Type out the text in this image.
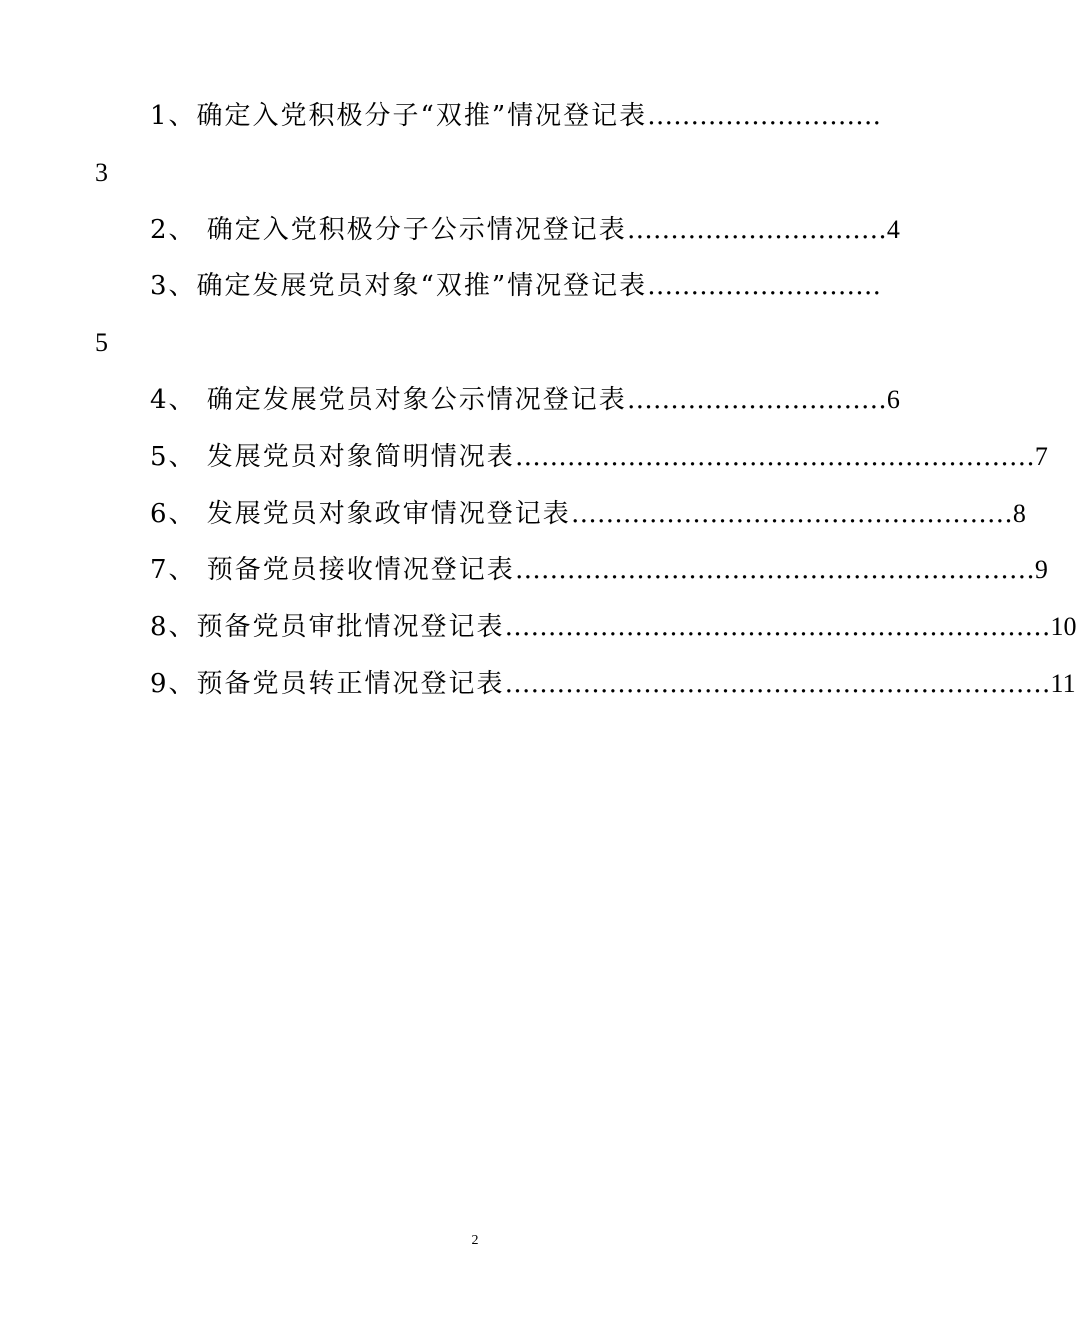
1、确定入党积极分子“双推”情况登记表………………………
3
2、 确定入党积极分子公示情况登记表 ………………………… 4
3、确定发展党员对象“双推”情况登记表………………………
5
4、 确定发展党员对象公示情况登记表 ………………………… 6
5、 发展党员对象简明情况表 …………………………………………………… 7
6、 发展党员对象政审情况登记表 …………………………………………… 8
7、 预备党员接收情况登记表 …………………………………………………… 9
8、预备党员审批情况登记表 ……………………………………………………… 10
9、预备党员转正情况登记表 ……………………………………………………… 11
2
